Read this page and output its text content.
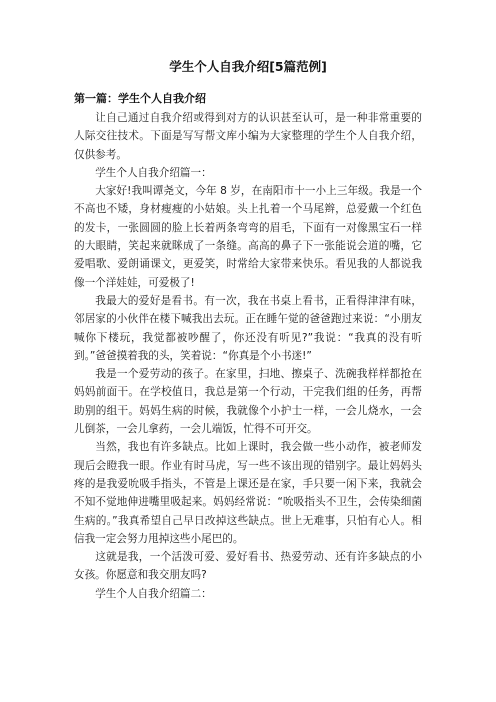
学生个人自我介绍[5篇范例]
第一篇：学生个人自我介绍

让自己通过自我介绍或得到对方的认识甚至认可，是一种非常重要的人际交往技术。下面是写写帮文库小编为大家整理的学生个人自我介绍，仅供参考。

学生个人自我介绍篇一：

大家好!我叫谭尧文，今年 8 岁，在南阳市十一小上三年级。我是一个不高也不矮，身材瘦瘦的小姑娘。头上扎着一个马尾辫，总爱戴一个红色的发卡，一张圆圆的脸上长着两条弯弯的眉毛，下面有一对像黑宝石一样的大眼睛，笑起来就眯成了一条缝。高高的鼻子下一张能说会道的嘴，它爱唱歌、爱朗诵课文，更爱笑，时常给大家带来快乐。看见我的人都说我像一个洋娃娃，可爱极了!

我最大的爱好是看书。有一次，我在书桌上看书，正看得津津有味，邻居家的小伙伴在楼下喊我出去玩。正在睡午觉的爸爸跑过来说：“小朋友喊你下楼玩，我觉都被吵醒了，你还没有听见?”我说：“我真的没有听到。”爸爸摸着我的头，笑着说：“你真是个小书迷!”

我是一个爱劳动的孩子。在家里，扫地、擦桌子、洗碗我样样都抢在妈妈前面干。在学校值日，我总是第一个行动，干完我们组的任务，再帮助别的组干。妈妈生病的时候，我就像个小护士一样，一会儿烧水，一会儿倒茶，一会儿拿药，一会儿端饭，忙得不可开交。

当然，我也有许多缺点。比如上课时，我会做一些小动作，被老师发现后会瞪我一眼。作业有时马虎，写一些不该出现的错别字。最让妈妈头疼的是我爱吮吸手指头，不管是上课还是在家，手只要一闲下来，我就会不知不觉地伸进嘴里吸起来。妈妈经常说：“吮吸指头不卫生，会传染细菌生病的。”我真希望自己早日改掉这些缺点。世上无难事，只怕有心人。相信我一定会努力甩掉这些小尾巴的。

这就是我，一个活泼可爱、爱好看书、热爱劳动、还有许多缺点的小女孩。你愿意和我交朋友吗?

学生个人自我介绍篇二：
